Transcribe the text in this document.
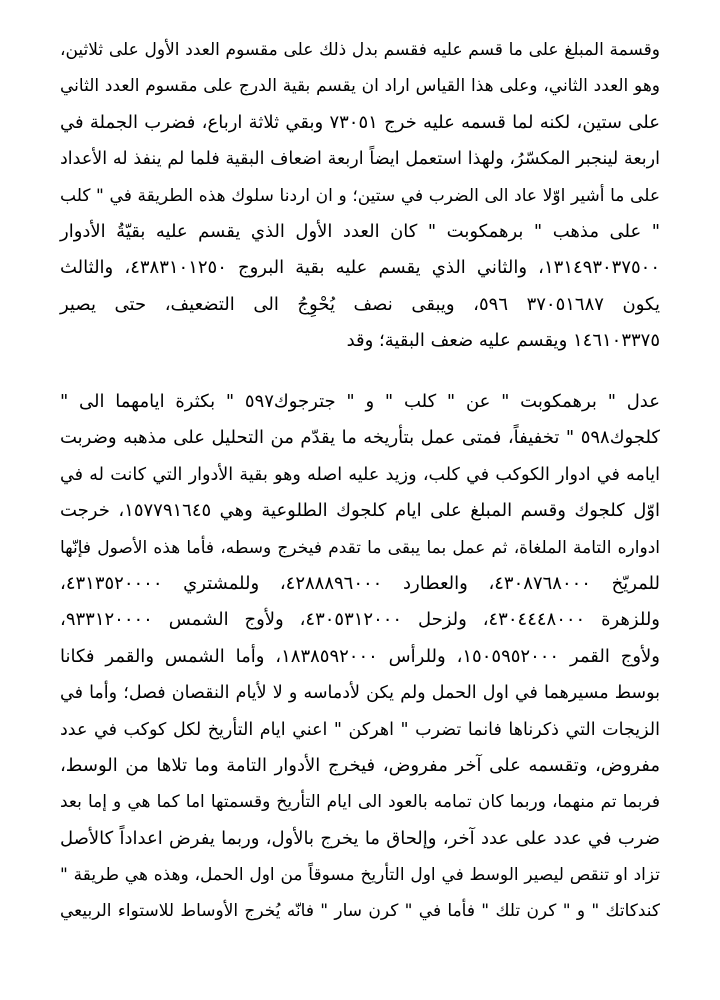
وقسمة المبلغ على ما قسم عليه فقسم بدل ذلك على مقسوم العدد الأول على ثلاثين،
وهو العدد الثاني، وعلى هذا القياس اراد ان يقسم بقية الدرج على مقسوم العدد الثاني
على ستين، لكنه لما قسمه عليه خرج ٧٣٠٥١ وبقي ثلاثة ارباع، فضرب الجملة في
اربعة لينجبر المكسّرُ، ولهذا استعمل ايضاً اربعة اضعاف البقية فلما لم ينفذ له الأعداد
على ما أشير اوّلا عاد الى الضرب في ستين؛ و ان اردنا سلوك هذه الطريقة في " كلب
" على مذهب " برهمكوبت " كان العدد الأول الذي يقسم عليه بقيّةُ الأدوار
١٣١٤٩٣٠٣٧٥٠٠، والثاني الذي يقسم عليه بقية البروج ٤٣٨٣١٠١٢٥٠، والثالث
يكون ٣٧٠٥١٦٨٧ ٥٩٦، ويبقى نصف يُحْوِجُ الى التضعيف، حتى يصير
١٤٦١٠٣٣٧٥ ويقسم عليه ضعف البقية؛ وقد
عدل " برهمكوبت " عن " كلب " و " جترجوك٥٩٧ " بكثرة ايامهما الى "
كلجوك٥٩٨ " تخفيفاً، فمتى عمل بتأريخه ما يقدّم من التحليل على مذهبه وضربت
ايامه في ادوار الكوكب في كلب، وزيد عليه اصله وهو بقية الأدوار التي كانت له في
اوّل كلجوك وقسم المبلغ على ايام كلجوك الطلوعية وهي ١٥٧٧٩١٦٤٥، خرجت
ادواره التامة الملغاة، ثم عمل بما يبقى ما تقدم فيخرج وسطه، فأما هذه الأصول فإنّها
للمريّخ ٤٣٠٨٧٦٨٠٠٠، والعطارد ٤٢٨٨٨٩٦٠٠٠، وللمشتري ٤٣١٣٥٢٠٠٠٠،
وللزهرة ٤٣٠٤٤٤٨٠٠٠، ولزحل ٤٣٠٥٣١٢٠٠٠، ولأوج الشمس ٩٣٣١٢٠٠٠٠،
ولأوج القمر ١٥٠٥٩٥٢٠٠٠، وللرأس ١٨٣٨٥٩٢٠٠٠، وأما الشمس والقمر فكانا
بوسط مسيرهما في اول الحمل ولم يكن لأدماسه و لا لأيام النقصان فصل؛ وأما في
الزيجات التي ذكرناها فانما تضرب " اهركن " اعني ايام التأريخ لكل كوكب في عدد
مفروض، وتقسمه على آخر مفروض، فيخرج الأدوار التامة وما تلاها من الوسط،
فربما تم منهما، وربما كان تمامه بالعود الى ايام التأريخ وقسمتها اما كما هي و إما بعد
ضرب في عدد على عدد آخر، وإلحاق ما يخرج بالأول، وربما يفرض اعداداً كالأصل
تزاد او تنقص ليصير الوسط في اول التأريخ مسوقاً من اول الحمل، وهذه هي طريقة "
كندكاتك " و " كرن تلك " فأما في " كرن سار " فانّه يُخرج الأوساط للاستواء الربيعي
